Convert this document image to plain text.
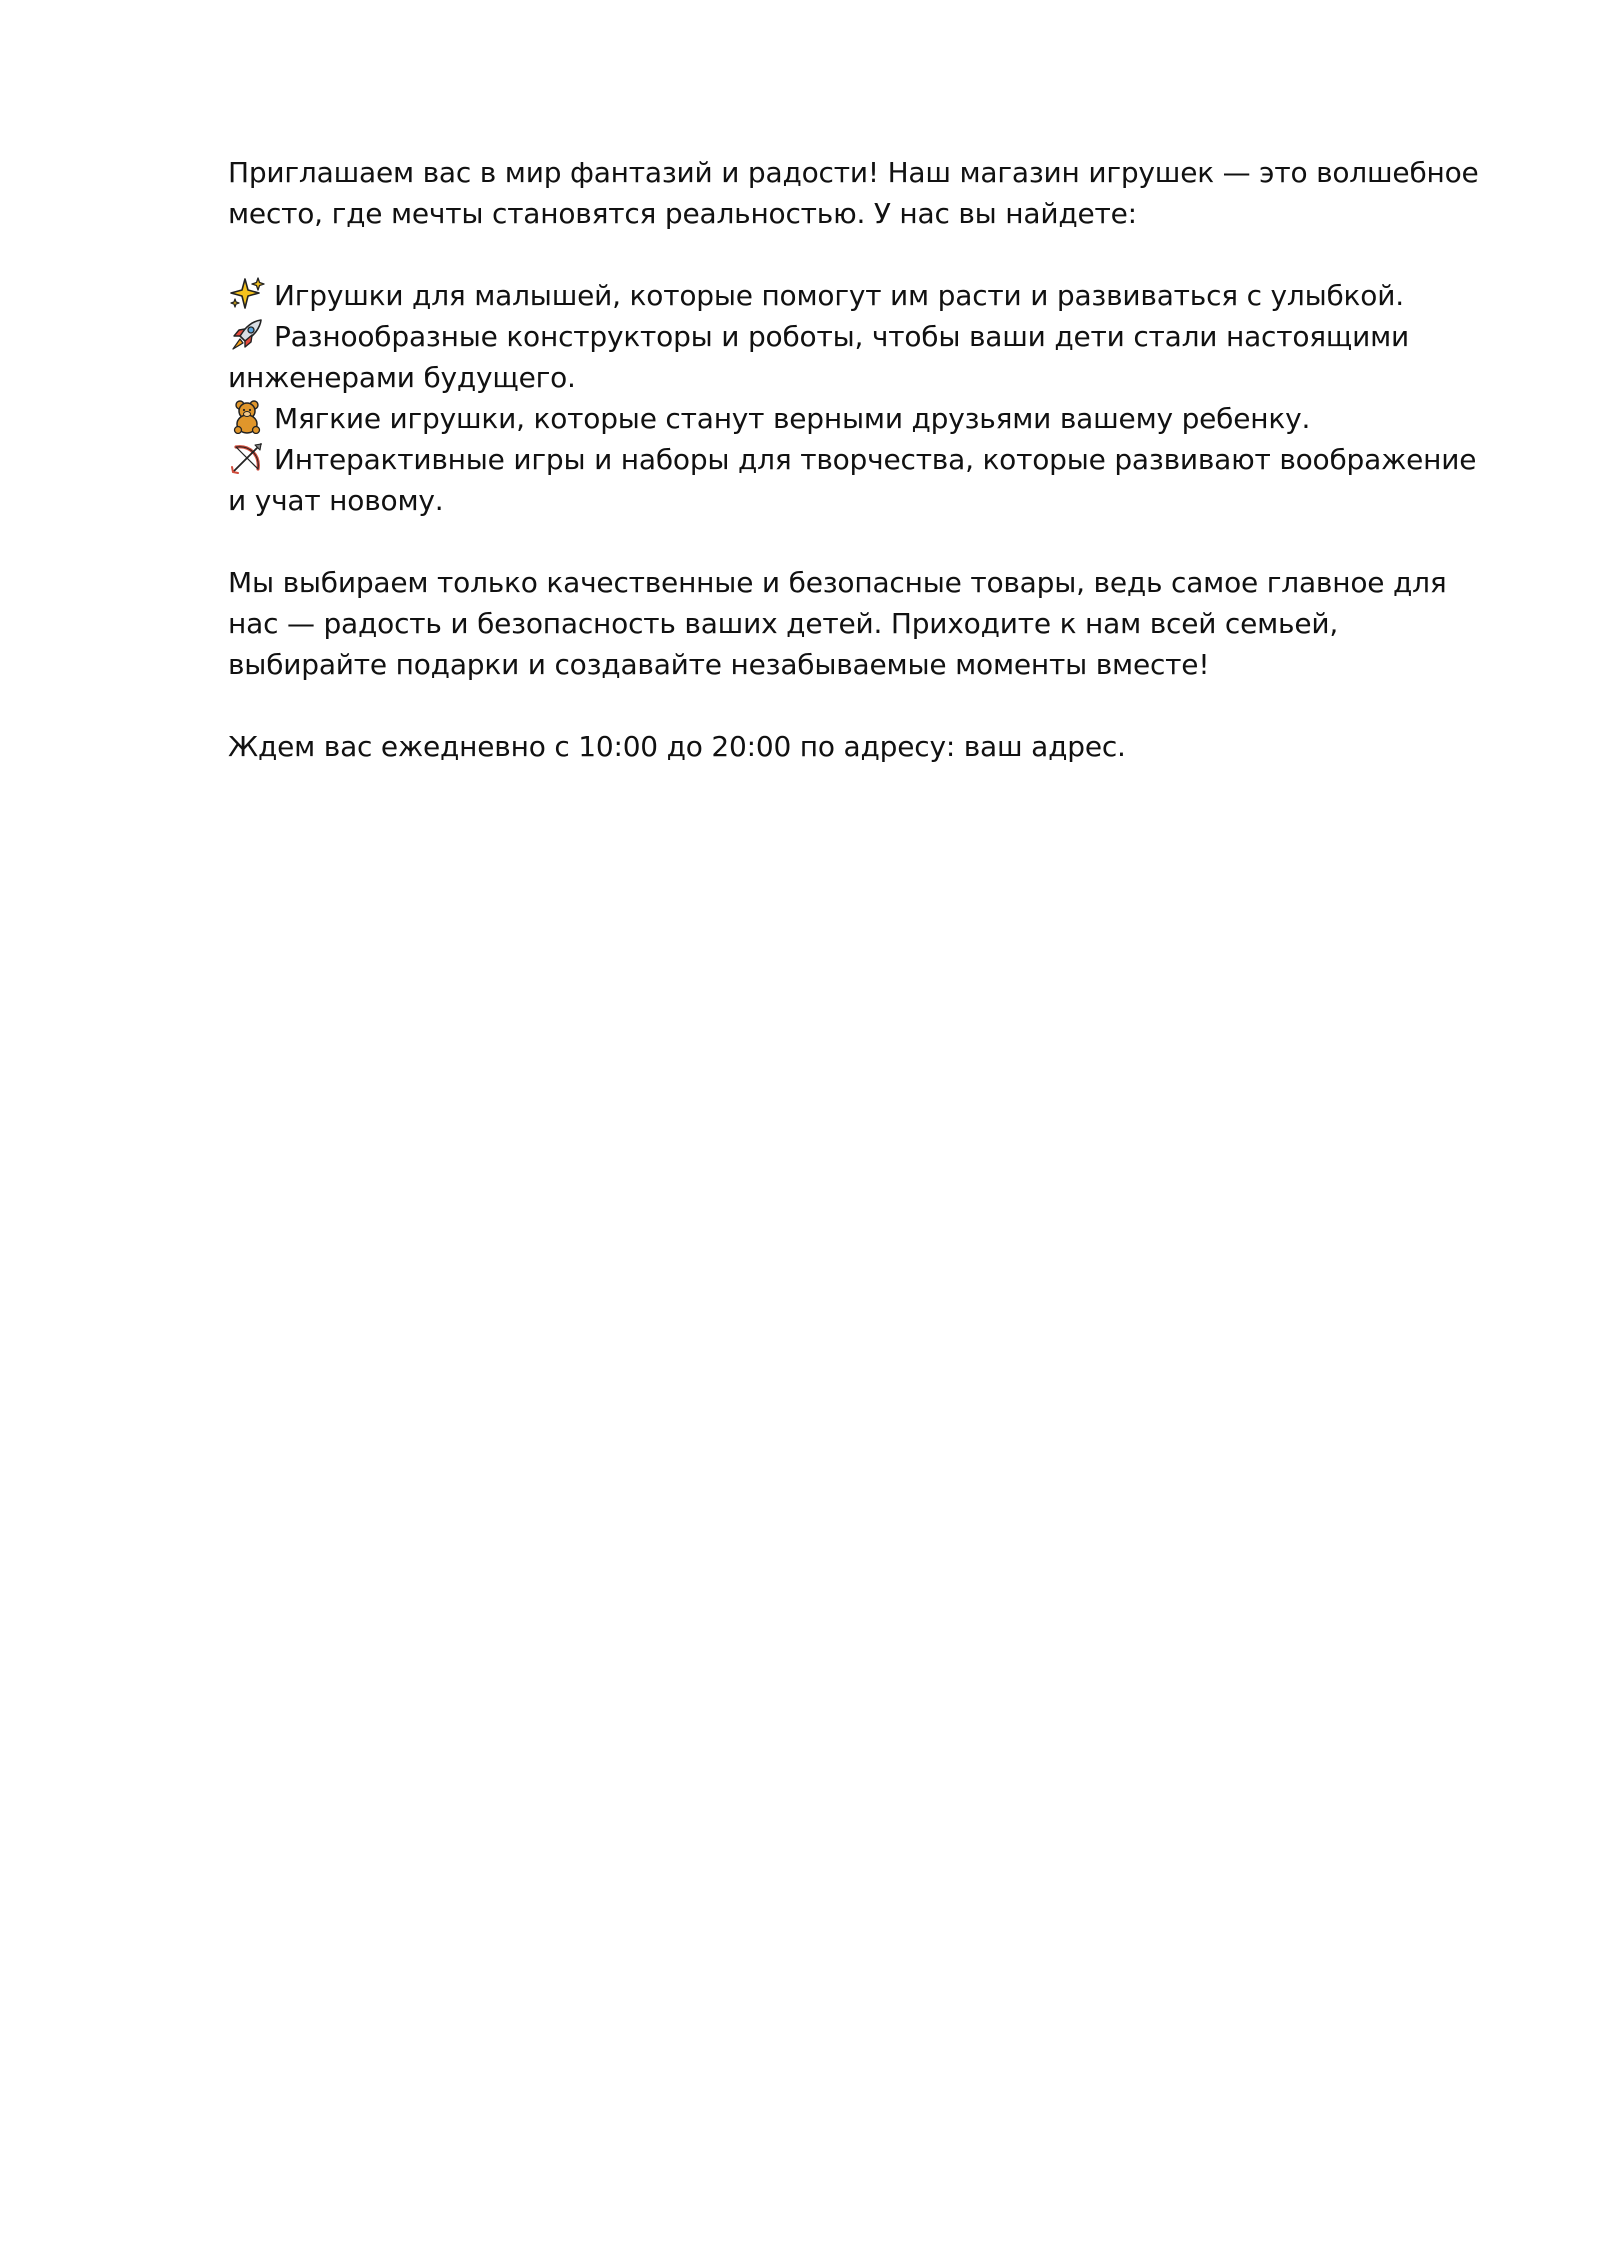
Приглашаем вас в мир фантазий и радости! Наш магазин игрушек — это волшебное место, где мечты становятся реальностью. У нас вы найдете:

Игрушки для малышей, которые помогут им расти и развиваться с улыбкой.

Разнообразные конструкторы и роботы, чтобы ваши дети стали настоящими инженерами будущего.

Мягкие игрушки, которые станут верными друзьями вашему ребенку.

Интерактивные игры и наборы для творчества, которые развивают воображение и учат новому.

Мы выбираем только качественные и безопасные товары, ведь самое главное для нас — радость и безопасность ваших детей. Приходите к нам всей семьей, выбирайте подарки и создавайте незабываемые моменты вместе!

Ждем вас ежедневно с 10:00 до 20:00 по адресу: ваш адрес.
